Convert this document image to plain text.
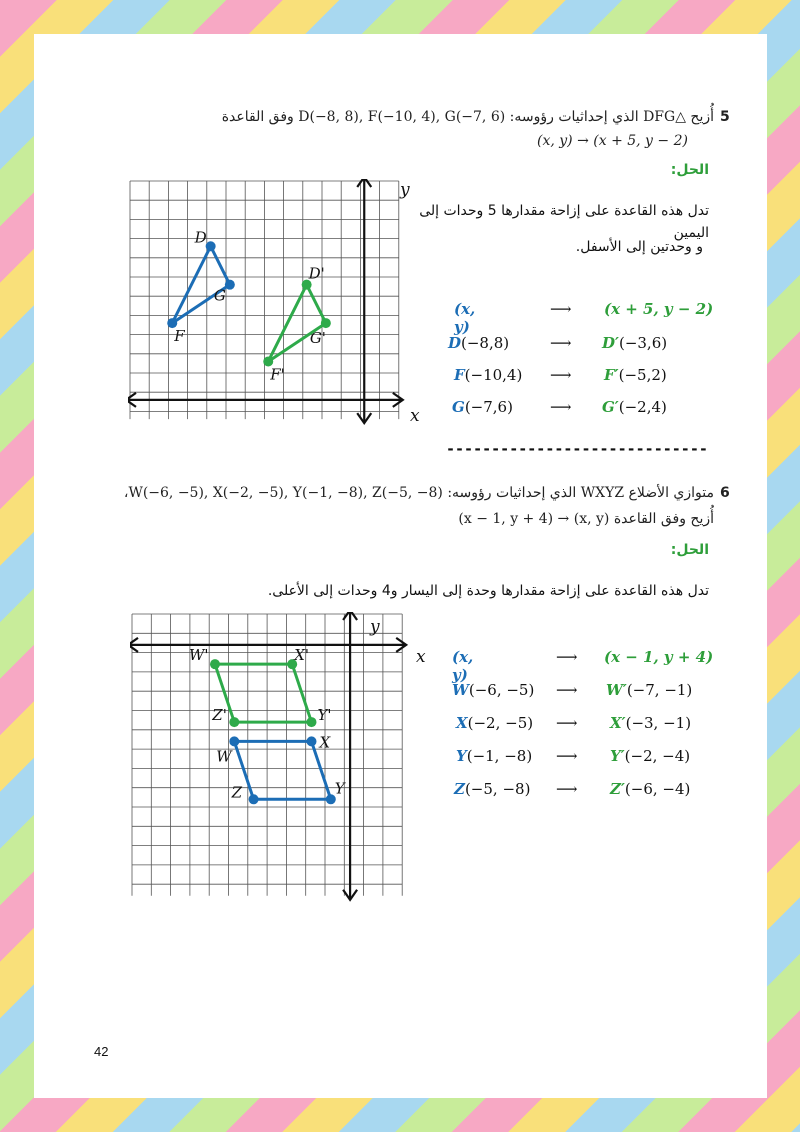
أُزيح △DFG الذي إحداثيات رؤوسه: D(−8, 8), F(−10, 4), G(−7, 6) وفق القاعدة 5
(x, y) → (x + 5, y − 2)
الحل:
تدل هذه القاعدة على إزاحة مقدارها 5 وحدات إلى اليمين
و وحدتين إلى الأسفل.
x
y
D
F
G
D'
F'
G'
(x, y)
⟶ (x + 5, y − 2)
D(−8,8)	⟶ D′(−3,6)
F(−10,4) ⟶ F′(−5,2)
G(−7,6) ⟶ G′(−2,4)
-----------------------------
متوازي الأضلاع WXYZ الذي إحداثيات رؤوسه: W(−6, −5), X(−2, −5), Y(−1, −8), Z(−5, −8)، 6
أُزيح وفق القاعدة (x, y) → (x − 1, y + 4)
الحل:
تدل هذه القاعدة على إزاحة مقدارها وحدة إلى اليسار و4 وحدات إلى الأعلى.
x
y
W
X
Y
Z
W'	X'
Y'
Z'
(x, y)
⟶ (x − 1, y + 4)
W(−6, −5) ⟶ W′(−7, −1)
X(−2, −5) ⟶ X′(−3, −1)
Y(−1, −8) ⟶ Y′(−2, −4)
Z(−5, −8) ⟶ Z′(−6, −4)
42
